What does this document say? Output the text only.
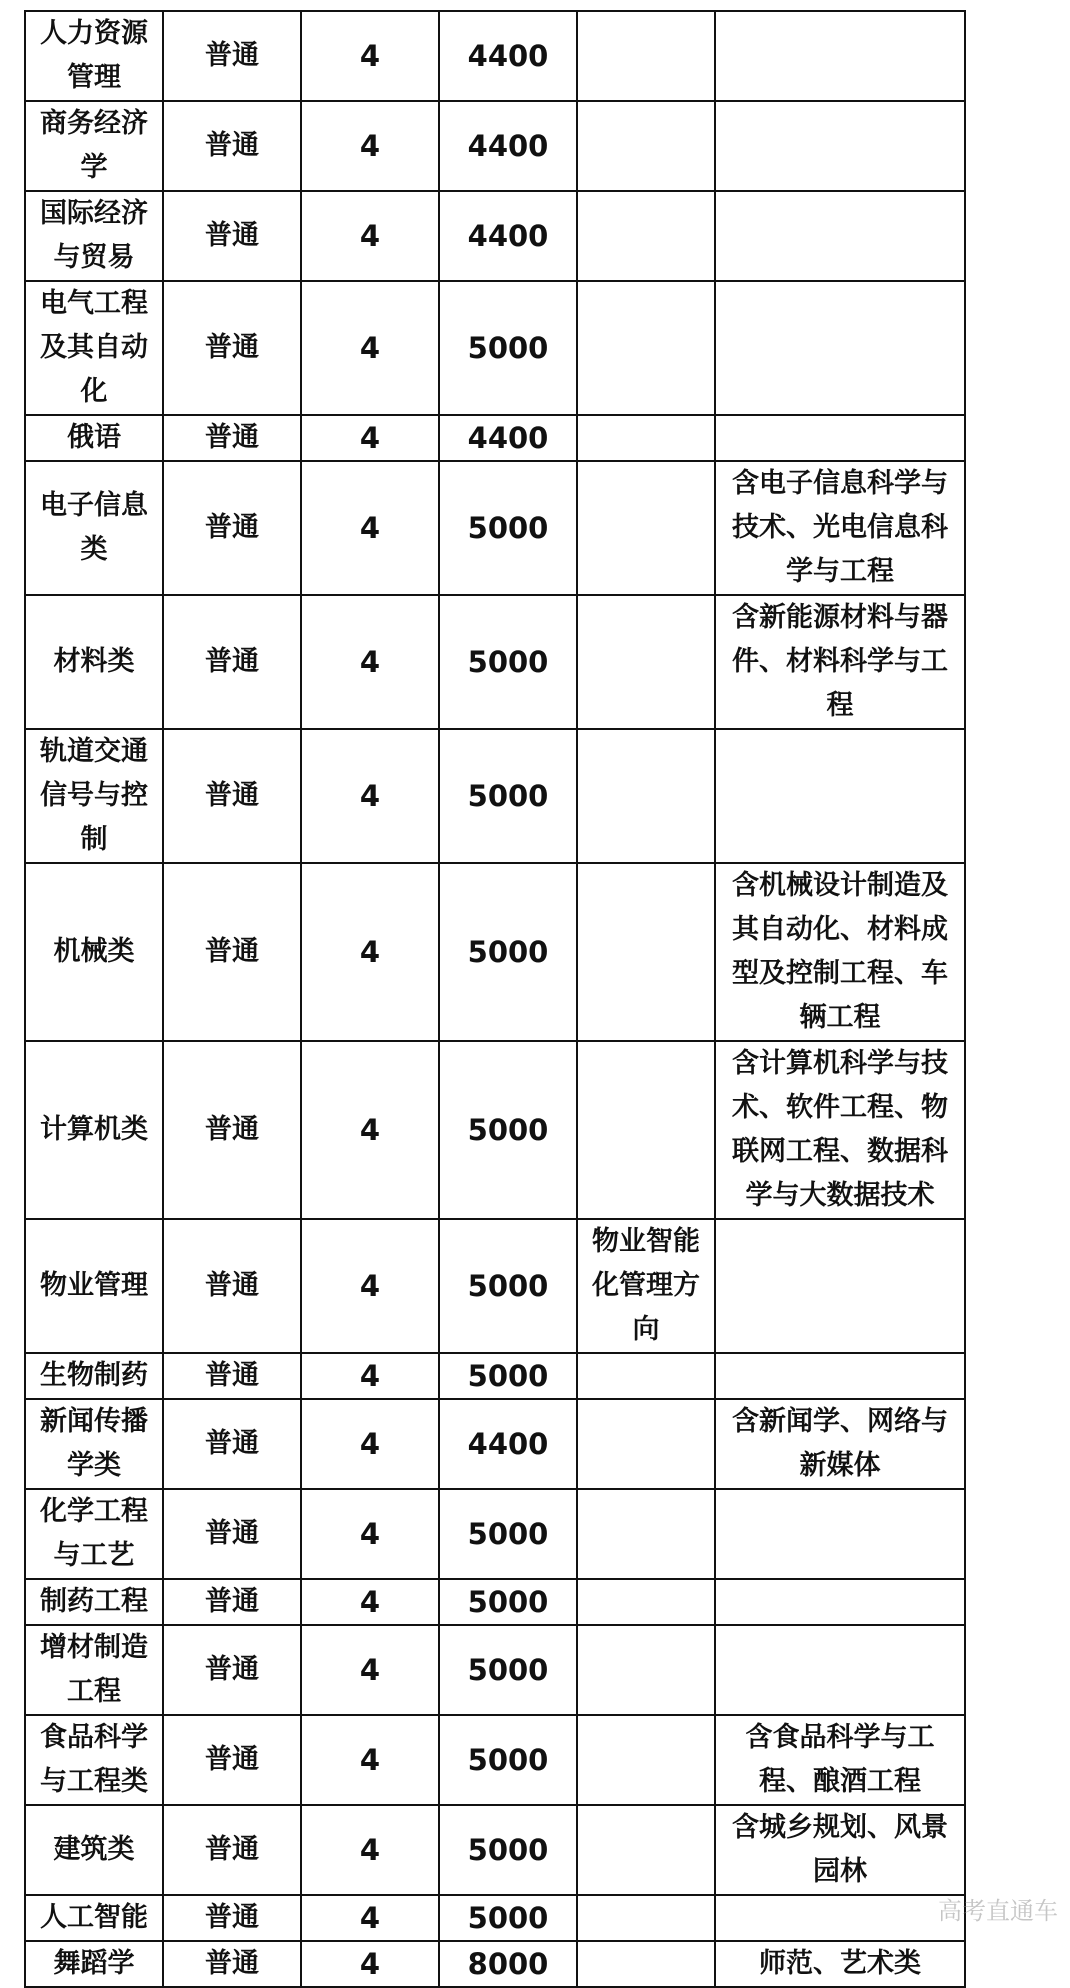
人力资源管理	普通	4	4400		
商务经济学	普通	4	4400		
国际经济与贸易	普通	4	4400		
电气工程及其自动化	普通	4	5000		
俄语	普通	4	4400		
电子信息类	普通	4	5000		含电子信息科学与技术、光电信息科学与工程
材料类	普通	4	5000		含新能源材料与器件、材料科学与工程
轨道交通信号与控制	普通	4	5000		
机械类	普通	4	5000		含机械设计制造及其自动化、材料成型及控制工程、车辆工程
计算机类	普通	4	5000		含计算机科学与技术、软件工程、物联网工程、数据科学与大数据技术
物业管理	普通	4	5000	物业智能化管理方向	
生物制药	普通	4	5000		
新闻传播学类	普通	4	4400		含新闻学、网络与新媒体
化学工程与工艺	普通	4	5000		
制药工程	普通	4	5000		
增材制造工程	普通	4	5000		
食品科学与工程类	普通	4	5000		含食品科学与工程、酿酒工程
建筑类	普通	4	5000		含城乡规划、风景园林
人工智能	普通	4	5000		
舞蹈学	普通	4	8000		师范、艺术类
高考直通车
